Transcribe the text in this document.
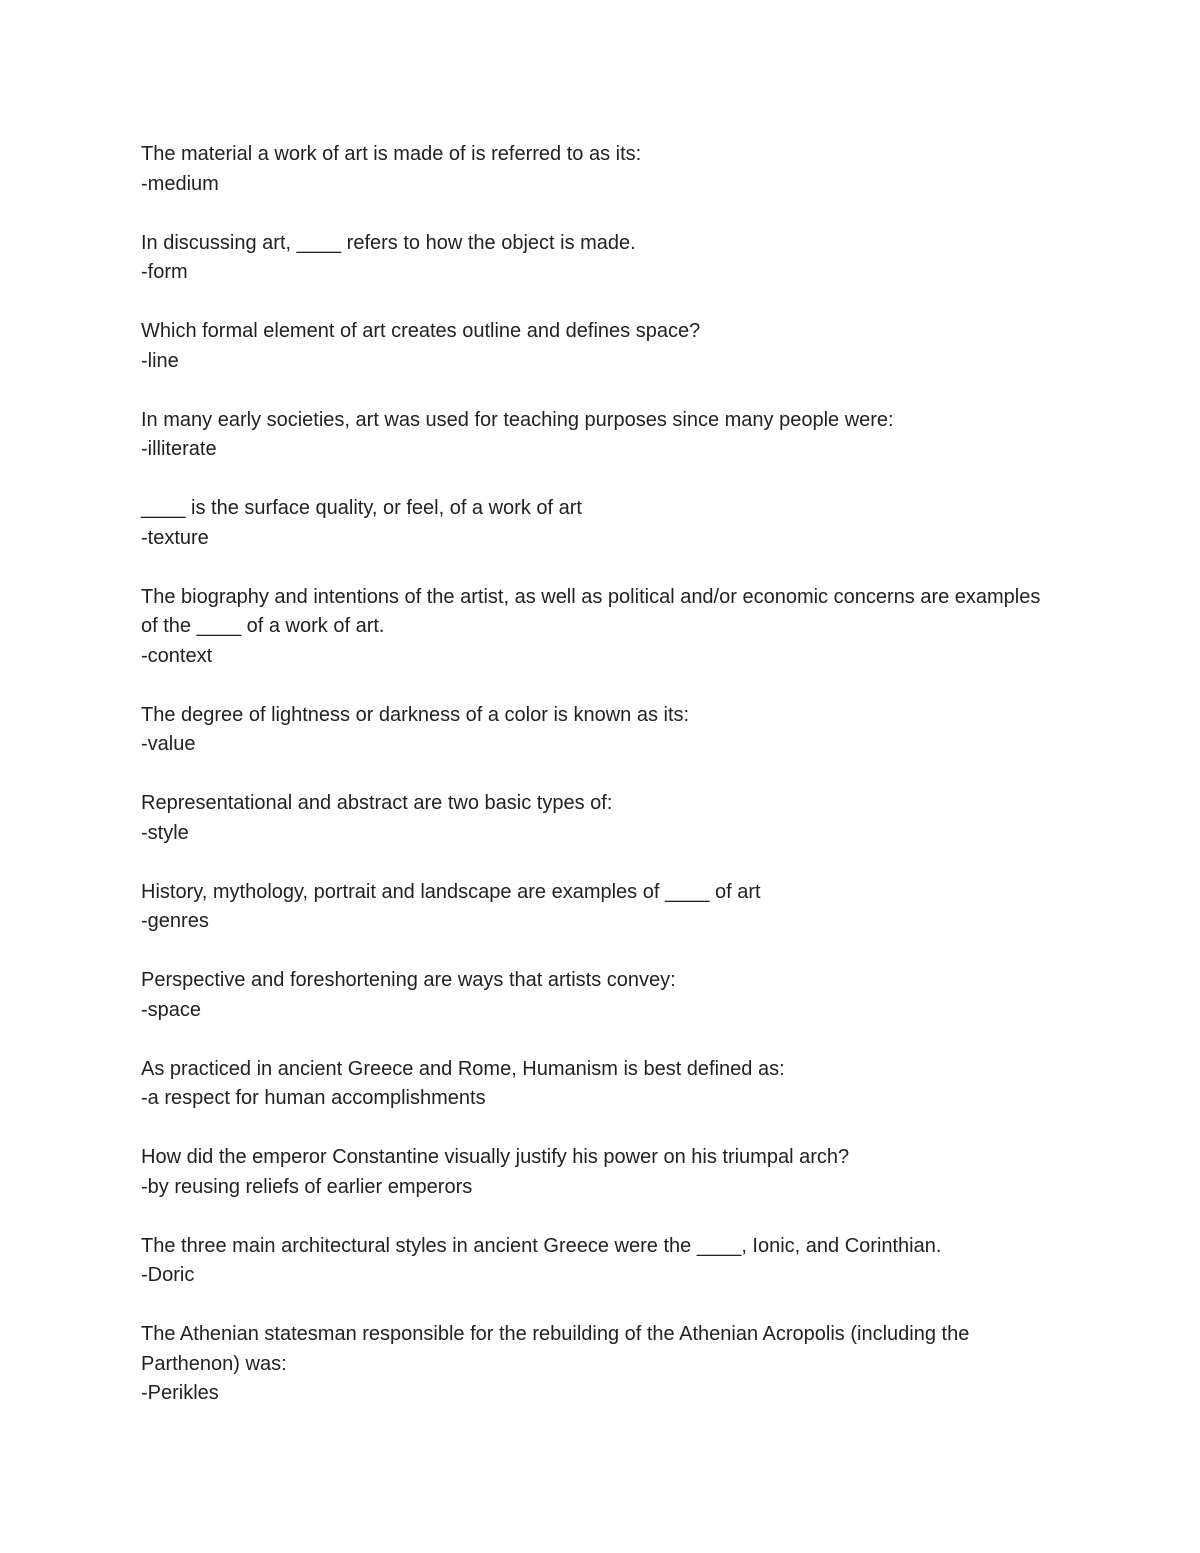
The material a work of art is made of is referred to as its:
-medium
In discussing art, ____ refers to how the object is made.
-form
Which formal element of art creates outline and defines space?
-line
In many early societies, art was used for teaching purposes since many people were:
-illiterate
____ is the surface quality, or feel, of a work of art
-texture
The biography and intentions of the artist, as well as political and/or economic concerns are examples of the ____ of a work of art.
-context
The degree of lightness or darkness of a color is known as its:
-value
Representational and abstract are two basic types of:
-style
History, mythology, portrait and landscape are examples of ____ of art
-genres
Perspective and foreshortening are ways that artists convey:
-space
As practiced in ancient Greece and Rome, Humanism is best defined as:
-a respect for human accomplishments
How did the emperor Constantine visually justify his power on his triumpal arch?
-by reusing reliefs of earlier emperors
The three main architectural styles in ancient Greece were the ____, Ionic, and Corinthian.
-Doric
The Athenian statesman responsible for the rebuilding of the Athenian Acropolis (including the Parthenon) was:
-Perikles
